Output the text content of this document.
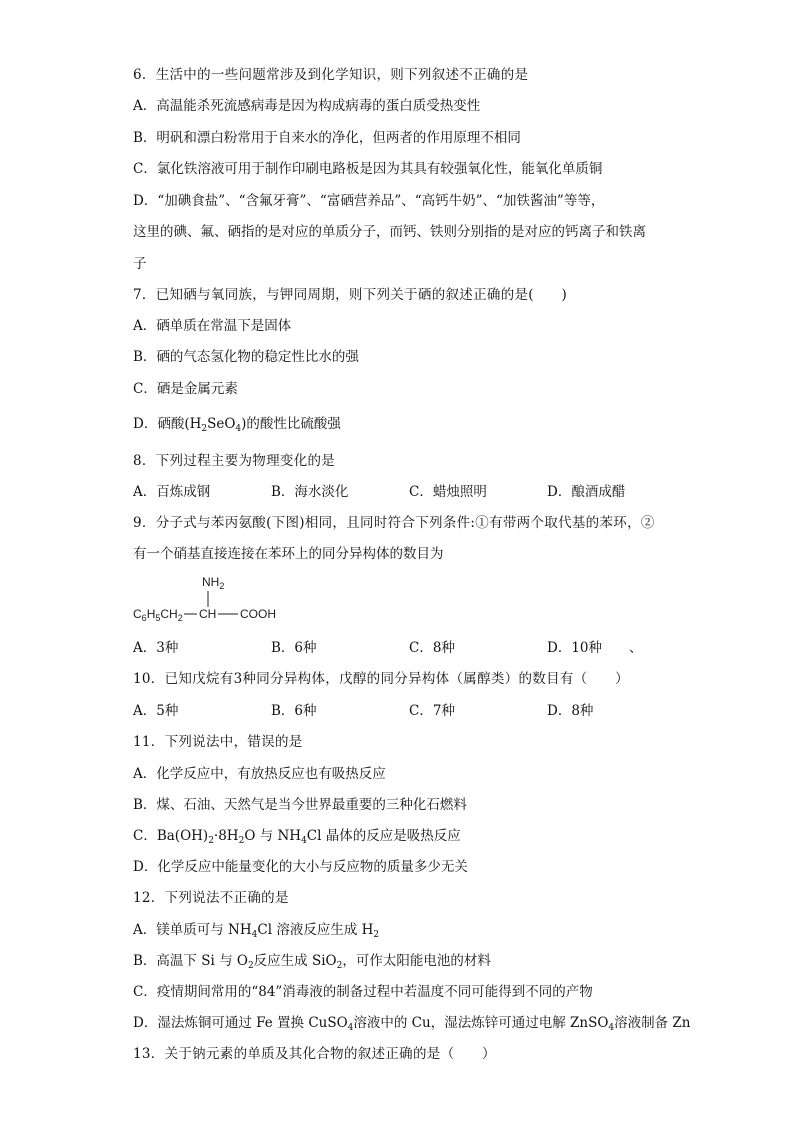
6．生活中的一些问题常涉及到化学知识，则下列叙述不正确的是
A．高温能杀死流感病毒是因为构成病毒的蛋白质受热变性
B．明矾和漂白粉常用于自来水的净化，但两者的作用原理不相同
C．氯化铁溶液可用于制作印刷电路板是因为其具有较强氧化性，能氧化单质铜
D．“加碘食盐”、“含氟牙膏”、“富硒营养品”、“高钙牛奶”、“加铁酱油”等等，
这里的碘、氟、硒指的是对应的单质分子，而钙、铁则分别指的是对应的钙离子和铁离
子
7．已知硒与氧同族，与钾同周期，则下列关于硒的叙述正确的是(　　)
A．硒单质在常温下是固体
B．硒的气态氢化物的稳定性比水的强
C．硒是金属元素
D．硒酸$(H_2SeO_4)$的酸性比硫酸强
8．下列过程主要为物理变化的是
A．百炼成钢	B．海水淡化	C．蜡烛照明	D．酿酒成醋
9．分子式与苯丙氨酸(下图)相同，且同时符合下列条件:①有带两个取代基的苯环，②
有一个硝基直接连接在苯环上的同分异构体的数目为
$NH_2$
$C_6H_5CH_2$ CH COOH
A．3种	B．6种	C．8种	D．10种 、
10．已知戊烷有3种同分异构体，戊醇的同分异构体（属醇类）的数目有（　　）
A．5种	B．6种	C．7种	D．8种
11．下列说法中，错误的是
A．化学反应中，有放热反应也有吸热反应
B．煤、石油、天然气是当今世界最重要的三种化石燃料
C．$Ba(OH)_2\cdot 8H_2O$ 与 $NH_4Cl$ 晶体的反应是吸热反应
D．化学反应中能量变化的大小与反应物的质量多少无关
12．下列说法不正确的是
A．镁单质可与 $NH_4Cl$ 溶液反应生成 $H_2$
B．高温下 Si 与 $O_2$反应生成 SiO$_2$，可作太阳能电池的材料
C．疫情期间常用的“84”消毒液的制备过程中若温度不同可能得到不同的产物
D．湿法炼铜可通过 Fe 置换 CuSO$_4$溶液中的 Cu，湿法炼锌可通过电解 ZnSO$_4$溶液制备 Zn
13．关于钠元素的单质及其化合物的叙述正确的是（　　）
